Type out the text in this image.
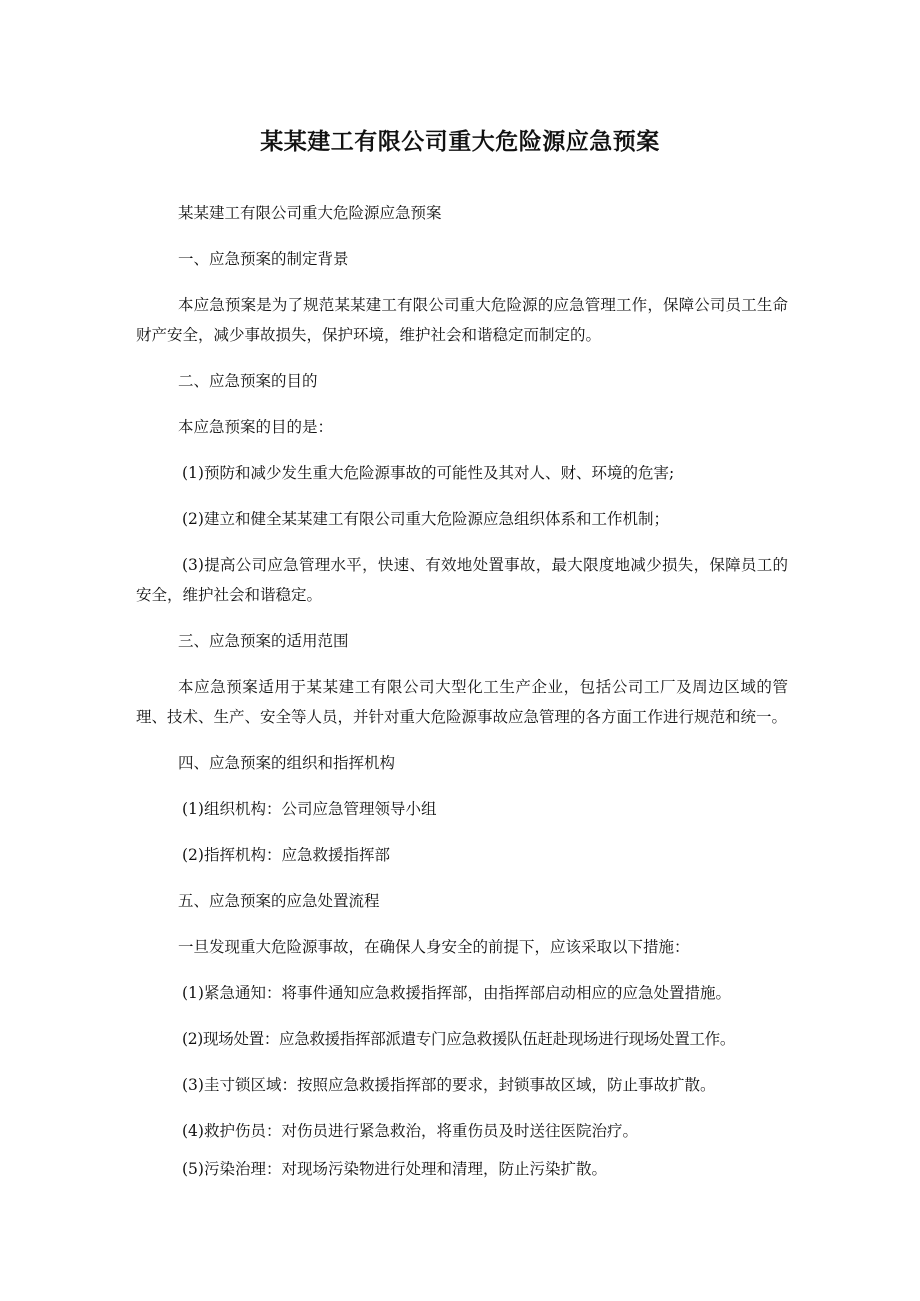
某某建工有限公司重大危险源应急预案

某某建工有限公司重大危险源应急预案

一、应急预案的制定背景

本应急预案是为了规范某某建工有限公司重大危险源的应急管理工作，保障公司员工生命财产安全，减少事故损失，保护环境，维护社会和谐稳定而制定的。

二、应急预案的目的

本应急预案的目的是：

(1)预防和减少发生重大危险源事故的可能性及其对人、财、环境的危害;

(2)建立和健全某某建工有限公司重大危险源应急组织体系和工作机制；

(3)提高公司应急管理水平，快速、有效地处置事故，最大限度地减少损失，保障员工的安全，维护社会和谐稳定。

三、应急预案的适用范围

本应急预案适用于某某建工有限公司大型化工生产企业，包括公司工厂及周边区域的管理、技术、生产、安全等人员，并针对重大危险源事故应急管理的各方面工作进行规范和统一。

四、应急预案的组织和指挥机构

(1)组织机构：公司应急管理领导小组

(2)指挥机构：应急救援指挥部

五、应急预案的应急处置流程

一旦发现重大危险源事故，在确保人身安全的前提下，应该采取以下措施：

(1)紧急通知：将事件通知应急救援指挥部，由指挥部启动相应的应急处置措施。

(2)现场处置：应急救援指挥部派遣专门应急救援队伍赶赴现场进行现场处置工作。

(3)圭寸锁区域：按照应急救援指挥部的要求，封锁事故区域，防止事故扩散。

(4)救护伤员：对伤员进行紧急救治，将重伤员及时送往医院治疗。

(5)污染治理：对现场污染物进行处理和清理，防止污染扩散。
